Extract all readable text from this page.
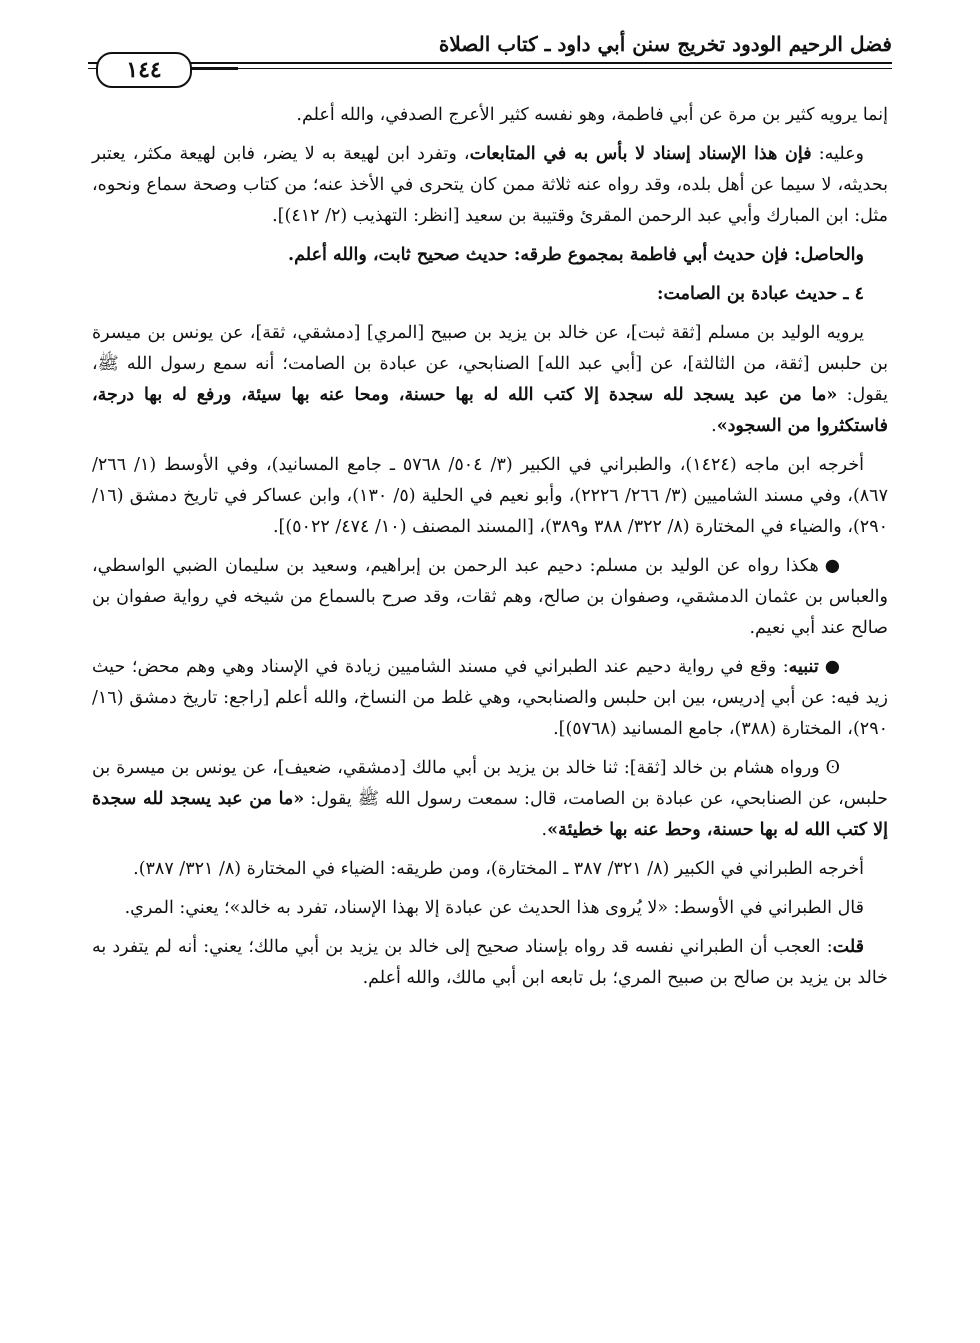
فضل الرحيم الودود تخريج سنن أبي داود ـ كتاب الصلاة
١٤٤

إنما يرويه كثير بن مرة عن أبي فاطمة، وهو نفسه كثير الأعرج الصدفي، والله أعلم.

وعليه: فإن هذا الإسناد إسناد لا بأس به في المتابعات، وتفرد ابن لهيعة به لا يضر، فابن لهيعة مكثر، يعتبر بحديثه، لا سيما عن أهل بلده، وقد رواه عنه ثلاثة ممن كان يتحرى في الأخذ عنه؛ من كتاب وصحة سماع ونحوه، مثل: ابن المبارك وأبي عبد الرحمن المقرئ وقتيبة بن سعيد [انظر: التهذيب (٢/ ٤١٢)].

والحاصل: فإن حديث أبي فاطمة بمجموع طرقه: حديث صحيح ثابت، والله أعلم.

٤ ـ حديث عبادة بن الصامت:

يرويه الوليد بن مسلم [ثقة ثبت]، عن خالد بن يزيد بن صبيح [المري] [دمشقي، ثقة]، عن يونس بن ميسرة بن حلبس [ثقة، من الثالثة]، عن [أبي عبد الله] الصنابحي، عن عبادة بن الصامت؛ أنه سمع رسول الله ﷺ، يقول: «ما من عبد يسجد لله سجدة إلا كتب الله له بها حسنة، ومحا عنه بها سيئة، ورفع له بها درجة، فاستكثروا من السجود».

أخرجه ابن ماجه (١٤٢٤)، والطبراني في الكبير (٣/ ٥٠٤/ ٥٧٦٨ ـ جامع المسانيد)، وفي الأوسط (١/ ٢٦٦/ ٨٦٧)، وفي مسند الشاميين (٣/ ٢٦٦/ ٢٢٢٦)، وأبو نعيم في الحلية (٥/ ١٣٠)، وابن عساكر في تاريخ دمشق (١٦/ ٢٩٠)، والضياء في المختارة (٨/ ٣٢٢/ ٣٨٨ و٣٨٩)، [المسند المصنف (١٠/ ٤٧٤/ ٥٠٢٢)].

●هكذا رواه عن الوليد بن مسلم: دحيم عبد الرحمن بن إبراهيم، وسعيد بن سليمان الضبي الواسطي، والعباس بن عثمان الدمشقي، وصفوان بن صالح، وهم ثقات، وقد صرح بالسماع من شيخه في رواية صفوان بن صالح عند أبي نعيم.

●تنبيه: وقع في رواية دحيم عند الطبراني في مسند الشاميين زيادة في الإسناد وهي وهم محض؛ حيث زيد فيه: عن أبي إدريس، بين ابن حلبس والصنابحي، وهي غلط من النساخ، والله أعلم [راجع: تاريخ دمشق (١٦/ ٢٩٠)، المختارة (٣٨٨)، جامع المسانيد (٥٧٦٨)].

ʘورواه هشام بن خالد [ثقة]: ثنا خالد بن يزيد بن أبي مالك [دمشقي، ضعيف]، عن يونس بن ميسرة بن حلبس، عن الصنابحي، عن عبادة بن الصامت، قال: سمعت رسول الله ﷺ يقول: «ما من عبد يسجد لله سجدة إلا كتب الله له بها حسنة، وحط عنه بها خطيئة».

أخرجه الطبراني في الكبير (٨/ ٣٢١/ ٣٨٧ ـ المختارة)، ومن طريقه: الضياء في المختارة (٨/ ٣٢١/ ٣٨٧).

قال الطبراني في الأوسط: «لا يُروى هذا الحديث عن عبادة إلا بهذا الإسناد، تفرد به خالد»؛ يعني: المري.

قلت: العجب أن الطبراني نفسه قد رواه بإسناد صحيح إلى خالد بن يزيد بن أبي مالك؛ يعني: أنه لم يتفرد به خالد بن يزيد بن صالح بن صبيح المري؛ بل تابعه ابن أبي مالك، والله أعلم.
